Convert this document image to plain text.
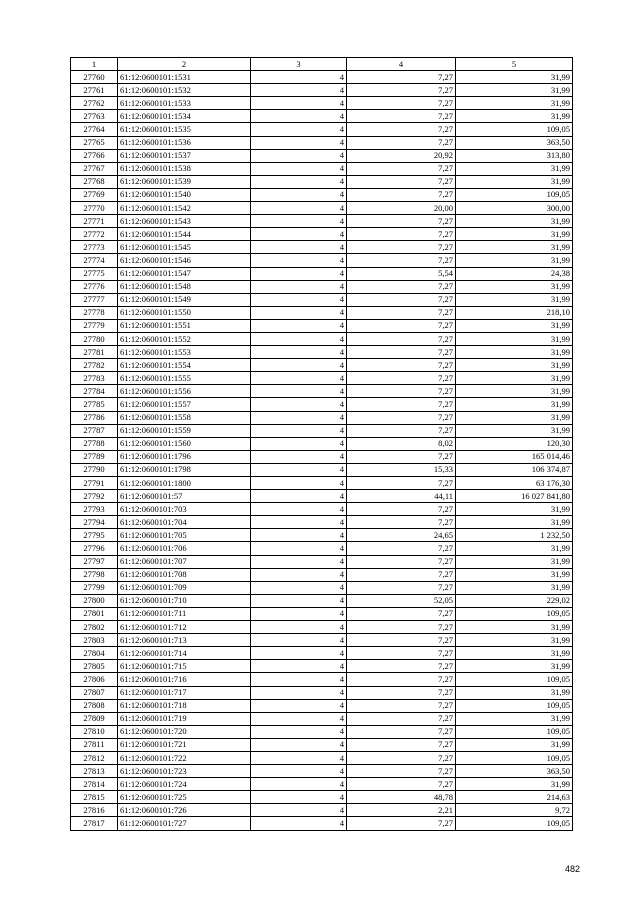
1	2	3	4	5
27760	61:12:0600101:1531	4	7,27	31,99
27761	61:12:0600101:1532	4	7,27	31,99
27762	61:12:0600101:1533	4	7,27	31,99
27763	61:12:0600101:1534	4	7,27	31,99
27764	61:12:0600101:1535	4	7,27	109,05
27765	61:12:0600101:1536	4	7,27	363,50
27766	61:12:0600101:1537	4	20,92	313,80
27767	61:12:0600101:1538	4	7,27	31,99
27768	61:12:0600101:1539	4	7,27	31,99
27769	61:12:0600101:1540	4	7,27	109,05
27770	61:12:0600101:1542	4	20,00	300,00
27771	61:12:0600101:1543	4	7,27	31,99
27772	61:12:0600101:1544	4	7,27	31,99
27773	61:12:0600101:1545	4	7,27	31,99
27774	61:12:0600101:1546	4	7,27	31,99
27775	61:12:0600101:1547	4	5,54	24,38
27776	61:12:0600101:1548	4	7,27	31,99
27777	61:12:0600101:1549	4	7,27	31,99
27778	61:12:0600101:1550	4	7,27	218,10
27779	61:12:0600101:1551	4	7,27	31,99
27780	61:12:0600101:1552	4	7,27	31,99
27781	61:12:0600101:1553	4	7,27	31,99
27782	61:12:0600101:1554	4	7,27	31,99
27783	61:12:0600101:1555	4	7,27	31,99
27784	61:12:0600101:1556	4	7,27	31,99
27785	61:12:0600101:1557	4	7,27	31,99
27786	61:12:0600101:1558	4	7,27	31,99
27787	61:12:0600101:1559	4	7,27	31,99
27788	61:12:0600101:1560	4	8,02	120,30
27789	61:12:0600101:1796	4	7,27	165 014,46
27790	61:12:0600101:1798	4	15,33	106 374,87
27791	61:12:0600101:1800	4	7,27	63 176,30
27792	61:12:0600101:57	4	44,11	16 027 841,80
27793	61:12:0600101:703	4	7,27	31,99
27794	61:12:0600101:704	4	7,27	31,99
27795	61:12:0600101:705	4	24,65	1 232,50
27796	61:12:0600101:706	4	7,27	31,99
27797	61:12:0600101:707	4	7,27	31,99
27798	61:12:0600101:708	4	7,27	31,99
27799	61:12:0600101:709	4	7,27	31,99
27800	61:12:0600101:710	4	52,05	229,02
27801	61:12:0600101:711	4	7,27	109,05
27802	61:12:0600101:712	4	7,27	31,99
27803	61:12:0600101:713	4	7,27	31,99
27804	61:12:0600101:714	4	7,27	31,99
27805	61:12:0600101:715	4	7,27	31,99
27806	61:12:0600101:716	4	7,27	109,05
27807	61:12:0600101:717	4	7,27	31,99
27808	61:12:0600101:718	4	7,27	109,05
27809	61:12:0600101:719	4	7,27	31,99
27810	61:12:0600101:720	4	7,27	109,05
27811	61:12:0600101:721	4	7,27	31,99
27812	61:12:0600101:722	4	7,27	109,05
27813	61:12:0600101:723	4	7,27	363,50
27814	61:12:0600101:724	4	7,27	31,99
27815	61:12:0600101:725	4	48,78	214,63
27816	61:12:0600101:726	4	2,21	9,72
27817	61:12:0600101:727	4	7,27	109,05
482
